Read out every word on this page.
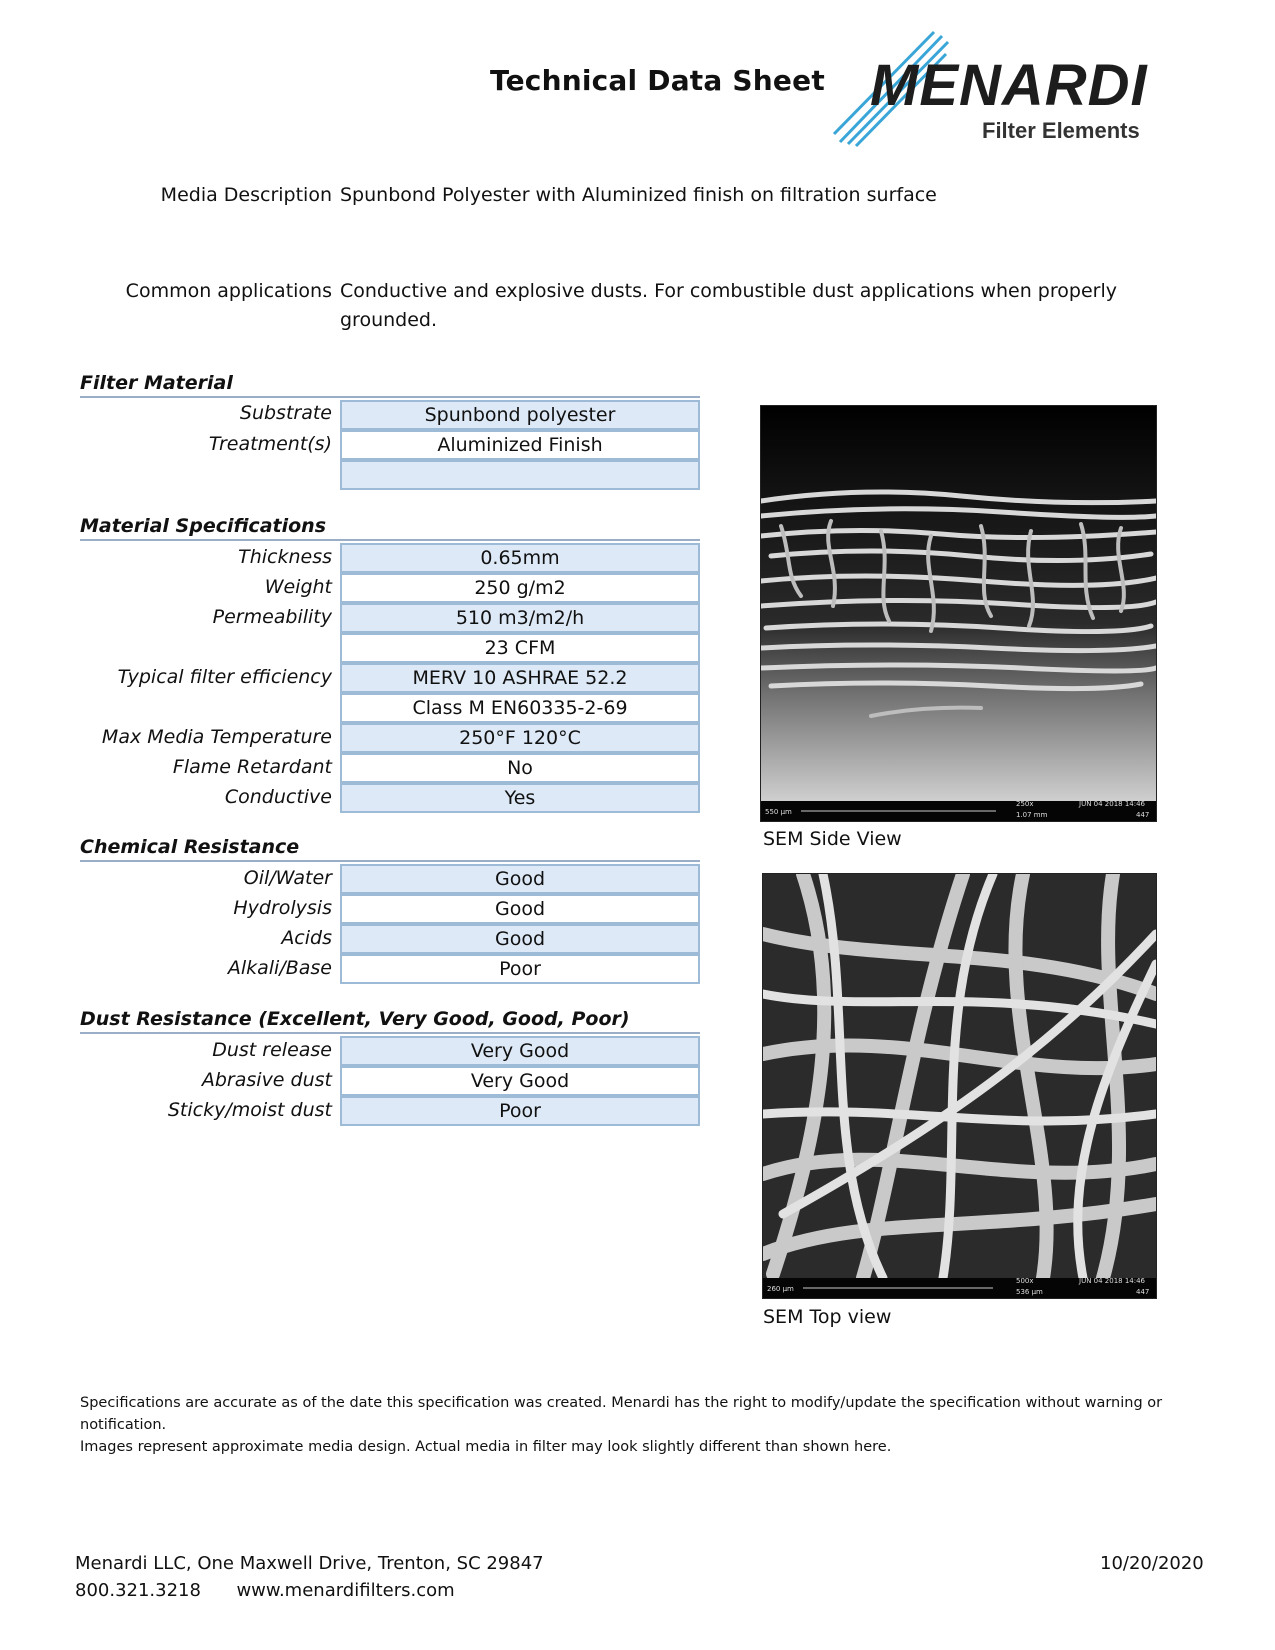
Technical Data Sheet MENARDI
Filter Elements
Media Description Spunbond Polyester with Aluminized finish on filtration surface
Common applications Conductive and explosive dusts. For combustible dust applications when properly
grounded.
Filter Material
Substrate	Spunbond polyester
Treatment(s)	Aluminized Finish
Material Specifications
Thickness	0.65mm
Weight	250 g/m2
Permeability	510 m3/m2/h
23 CFM
Typical filter efficiency	MERV 10 ASHRAE 52.2
Class M EN60335-2-69
Max Media Temperature	250°F 120°C
Flame Retardant	No
Conductive	Yes
Chemical Resistance
Oil/Water	Good
Hydrolysis	Good
Acids	Good
Alkali/Base	Poor
Dust Resistance (Excellent, Very Good, Good, Poor)
Dust release	Very Good
Abrasive dust	Very Good
Sticky/moist dust	Poor
550 µm
250x
1.07 mm
JUN 04 2018 14:46
447
SEM Side View
260 µm
500x
536 µm
JUN 04 2018 14:46
447
SEM Top view
Specifications are accurate as of the date this specification was created. Menardi has the right to modify/update the specification without warning or notification.
Images represent approximate media design. Actual media in filter may look slightly different than shown here.
Menardi LLC, One Maxwell Drive, Trenton, SC 29847
800.321.3218 www.menardifilters.com
10/20/2020
